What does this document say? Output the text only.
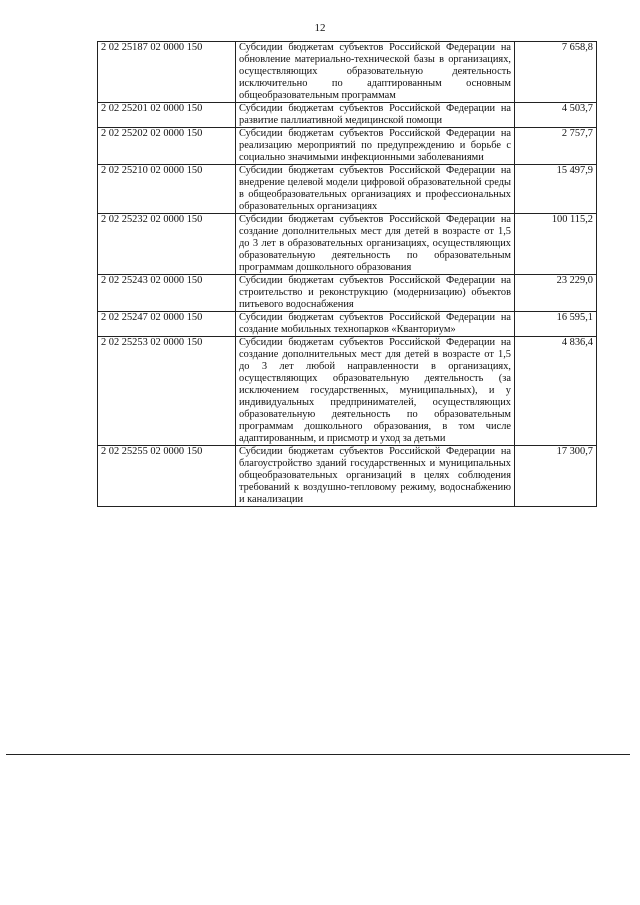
12
2 02 25187 02 0000 150	Субсидии бюджетам субъектов Российской Федерации на обновление материально-технической базы в организациях, осуществляющих образовательную деятельность исключительно по адаптированным основным общеобразовательным программам	7 658,8
2 02 25201 02 0000 150	Субсидии бюджетам субъектов Российской Федерации на развитие паллиативной медицинской помощи	4 503,7
2 02 25202 02 0000 150	Субсидии бюджетам субъектов Российской Федерации на реализацию мероприятий по предупреждению и борьбе с социально значимыми инфекционными заболеваниями	2 757,7
2 02 25210 02 0000 150	Субсидии бюджетам субъектов Российской Федерации на внедрение целевой модели цифровой образовательной среды в общеобразовательных организациях и профессиональных образовательных организациях	15 497,9
2 02 25232 02 0000 150	Субсидии бюджетам субъектов Российской Федерации на создание дополнительных мест для детей в возрасте от 1,5 до 3 лет в образовательных организациях, осуществляющих образовательную деятельность по образовательным программам дошкольного образования	100 115,2
2 02 25243 02 0000 150	Субсидии бюджетам субъектов Российской Федерации на строительство и реконструкцию (модернизацию) объектов питьевого водоснабжения	23 229,0
2 02 25247 02 0000 150	Субсидии бюджетам субъектов Российской Федерации на создание мобильных технопарков «Кванториум»	16 595,1
2 02 25253 02 0000 150	Субсидии бюджетам субъектов Российской Федерации на создание дополнительных мест для детей в возрасте от 1,5 до 3 лет любой направленности в организациях, осуществляющих образовательную деятельность (за исключением государственных, муниципальных), и у индивидуальных предпринимателей, осуществляющих образовательную деятельность по образовательным программам дошкольного образования, в том числе адаптированным, и присмотр и уход за детьми	4 836,4
2 02 25255 02 0000 150	Субсидии бюджетам субъектов Российской Федерации на благоустройство зданий государственных и муниципальных общеобразовательных организаций в целях соблюдения требований к воздушно-тепловому режиму, водоснабжению и канализации	17 300,7
